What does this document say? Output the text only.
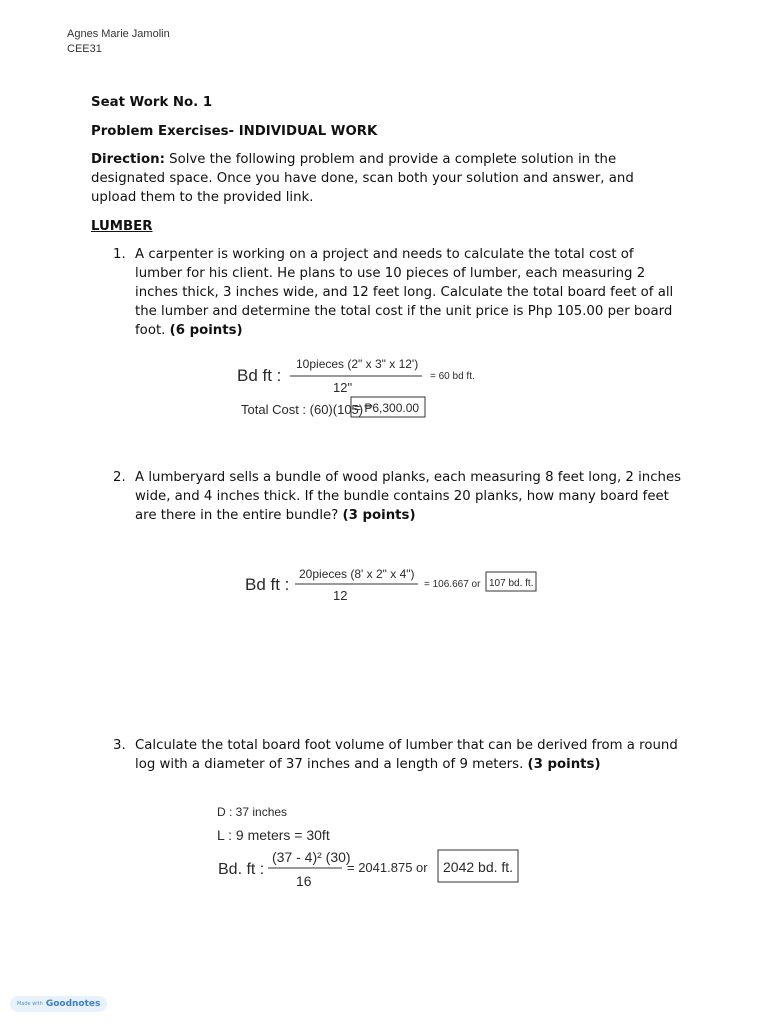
Agnes Marie Jamolin
CEE31
Seat Work No. 1
Problem Exercises- INDIVIDUAL WORK
Direction: Solve the following problem and provide a complete solution in the designated space. Once you have done, scan both your solution and answer, and upload them to the provided link.
LUMBER
1. A carpenter is working on a project and needs to calculate the total cost of lumber for his client. He plans to use 10 pieces of lumber, each measuring 2 inches thick, 3 inches wide, and 12 feet long. Calculate the total board feet of all the lumber and determine the total cost if the unit price is Php 105.00 per board foot. (6 points)
2. A lumberyard sells a bundle of wood planks, each measuring 8 feet long, 2 inches wide, and 4 inches thick. If the bundle contains 20 planks, how many board feet are there in the entire bundle? (3 points)
3. Calculate the total board foot volume of lumber that can be derived from a round log with a diameter of 37 inches and a length of 9 meters. (3 points)
Bd ft :
10pieces (2" x 3" x 12')
12"
= 60 bd ft.
Total Cost : (60)(105)
= ₱6,300.00
Bd ft :
20pieces (8' x 2" x 4")
12
= 106.667 or 107 bd. ft.
D : 37 inches
L : 9 meters = 30ft
Bd. ft :
(37 - 4)² (30)
16
= 2041.875 or 2042 bd. ft.
Made with Goodnotes
